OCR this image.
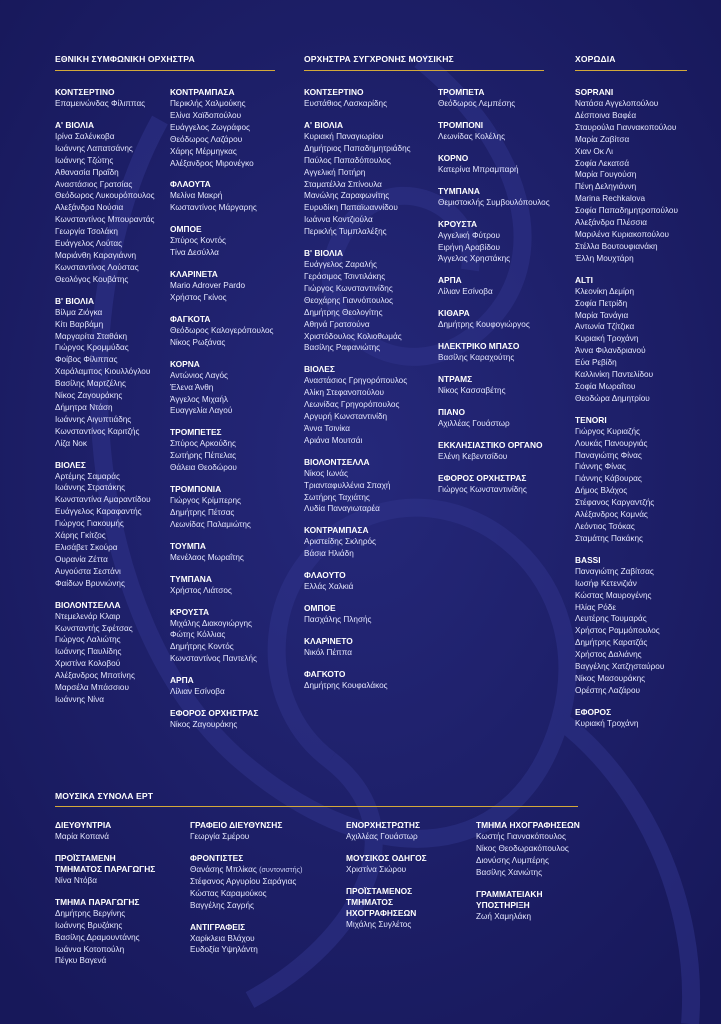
ΕΘΝΙΚΗ ΣΥΜΦΩΝΙΚΗ ΟΡΧΗΣΤΡΑ
ΚΟΝΤΣΕΡΤΙΝΟ
Επαμεινώνδας Φίλιππας
Α' ΒΙΟΛΙΑ
Ιρίνα Σαλένκοβα
Ιωάννης Λαπατσάνης
Ιωάννης Τζώτης
Αθανασία Πραΐδη
Αναστάσιος Γρατσίας
Θεόδωρος Λυκουρόπουλος
Αλεξάνδρα Νούσια
Κωνσταντίνος Μπουραντάς
Γεωργία Τσολάκη
Ευάγγελος Λούτας
Μαριάνθη Καραγιάννη
Κωνσταντίνος Λούστας
Θεολόγος Κουβάτης
Β' ΒΙΟΛΙΑ
Βίλμα Ζιόγκα
Κίτι Βαρβάμη
Μαργαρίτα Σταθάκη
Γιώργος Κρομμύδας
Φοίβος Φίλιππας
Χαράλαμπος Κιουλλόγλου
Βασίλης Μαρτζέλης
Νίκος Ζαγουράκης
Δήμητρα Ντάση
Ιωάννης Αιγυπτιάδης
Κωνσταντίνος Καριτζής
Λίζα Νοκ
ΒΙΟΛΕΣ
Αρτέμης Σαμαράς
Ιωάννης Στρατάκης
Κωνσταντίνα Αμαραντίδου
Ευάγγελος Καραφαντής
Γιώργος Γιακουμής
Χάρης Γκίτζος
Ελισάβετ Σκούρα
Ουρανία Ζέττα
Αυγούστα Σεστάνι
Φαίδων Βρυνιώνης
ΒΙΟΛΟΝΤΣΕΛΛΑ
Ντεμελενάρ Κλαιρ
Κωνσταντής Σφέτσας
Γιώργος Λαλιώτης
Ιωάννης Παυλίδης
Χριστίνα Κολοβού
Αλέξανδρος Μποτίνης
Μαρσέλα Μπάσσιου
Ιωάννης Νίνα
ΚΟΝΤΡΑΜΠΑΣΑ
Περικλής Χαλμούκης
Ελίνα Χαϊδοπούλου
Ευάγγελος Ζωγράφος
Θεόδωρος Λαζάρου
Χάρης Μέρμηγκας
Αλέξανδρος Μιρονέγκο
ΦΛΑΟΥΤΑ
Μελίνα Μακρή
Κωσταντίνος Μάργαρης
ΟΜΠΟΕ
Σπύρος Κοντός
Τίνα Δεσύλλα
ΚΛΑΡΙΝΕΤΑ
Mario Adrover Pardo
Χρήστος Γκίνος
ΦΑΓΚΟΤΑ
Θεόδωρος Καλογερόπουλος
Νίκος Ρωξάνας
ΚΟΡΝΑ
Αντώνιος Λαγός
Έλενα Άνθη
Άγγελος Μιχαήλ
Ευαγγελία Λαγού
ΤΡΟΜΠΕΤΕΣ
Σπύρος Αρκούδης
Σωτήρης Πέπελας
Θάλεια Θεοδώρου
ΤΡΟΜΠΟΝΙΑ
Γιώργος Κρίμπερης
Δημήτρης Πέτσας
Λεωνίδας Παλαμιώτης
ΤΟΥΜΠΑ
Μενέλαος Μωραΐτης
ΤΥΜΠΑΝΑ
Χρήστος Λιάτσος
ΚΡΟΥΣΤΑ
Μιχάλης Διακογιώργης
Φώτης Κόλλιας
Δημήτρης Κοντός
Κωνσταντίνος Παντελής
ΑΡΠΑ
Λίλιαν Εσίνοβα
ΕΦΟΡΟΣ ΟΡΧΗΣΤΡΑΣ
Νίκος Ζαγουράκης
ΟΡΧΗΣΤΡΑ ΣΥΓΧΡΟΝΗΣ ΜΟΥΣΙΚΗΣ
ΚΟΝΤΣΕΡΤΙΝΟ
Ευστάθιος Λασκαρίδης
Α' ΒΙΟΛΙΑ
Κυριακή Παναγιωρίου
Δημήτριος Παπαδημητριάδης
Παύλος Παπαδόπουλος
Αγγελική Ποτήρη
Σταματέλλα Σπίνουλα
Μανώλης Ζαραφωνίτης
Ευρυδίκη Παπαϊωαννίδου
Ιωάννα Κοντζιούλα
Περικλής Τυμπλαλέξης
Β' ΒΙΟΛΙΑ
Ευάγγελος Ζαραλής
Γεράσιμος Τσιντιλάκης
Γιώργος Κωνσταντινίδης
Θεοχάρης Γιαννόπουλος
Δημήτρης Θεολογίτης
Αθηνά Γρατσούνα
Χριστόδουλος Κολιοθωμάς
Βασίλης Ραφανιώτης
ΒΙΟΛΕΣ
Αναστάσιος Γρηγορόπουλος
Αλίκη Στεφανοπούλου
Λεωνίδας Γρηγορόπουλος
Αργυρή Κωνσταντινίδη
Άννα Τσινίκα
Αριάνα Μουτσάι
ΒΙΟΛΟΝΤΣΕΛΛΑ
Νίκος Ιωνάς
Τριανταφυλλένια Σπαχή
Σωτήρης Ταχιάτης
Λυδία Παναγιωταρέα
ΚΟΝΤΡΑΜΠΑΣΑ
Αριστείδης Σκληρός
Βάσια Ηλιάδη
ΦΛΑΟΥΤΟ
Ελλάς Χαλκιά
ΟΜΠΟΕ
Πασχάλης Πλησής
ΚΛΑΡΙΝΕΤΟ
Νικόλ Πέππα
ΦΑΓΚΟΤΟ
Δημήτρης Κουφαλάκος
ΤΡΟΜΠΕΤΑ
Θεόδωρος Λεμπέσης
ΤΡΟΜΠΟΝΙ
Λεωνίδας Κολέλης
ΚΟΡΝΟ
Κατερίνα Μπραμπαρή
ΤΥΜΠΑΝΑ
Θεμιστοκλής Συμβουλόπουλος
ΚΡΟΥΣΤΑ
Αγγελική Φύτρου
Ειρήνη Αραβίδου
Άγγελος Χρηστάκης
ΑΡΠΑ
Λίλιαν Εσίνοβα
ΚΙΘΑΡΑ
Δημήτρης Κουφογιώργος
ΗΛΕΚΤΡΙΚΟ ΜΠΑΣΟ
Βασίλης Καραχούτης
ΝΤΡΑΜΣ
Νίκος Κασσαβέτης
ΠΙΑΝΟ
Αχιλλέας Γουάστωρ
ΕΚΚΛΗΣΙΑΣΤΙΚΟ ΟΡΓΑΝΟ
Ελένη Κεβεντσίδου
ΕΦΟΡΟΣ ΟΡΧΗΣΤΡΑΣ
Γιώργος Κωνσταντινίδης
ΧΟΡΩΔΙΑ
SOPRANI
Νατάσα Αγγελοπούλου
Δέσποινα Βαφέα
Σταυρούλα Γιαννακοπούλου
Μαρία Ζαβίτσα
Χιαν Οκ Λι
Σοφία Λεκατσά
Μαρία Γουγούση
Πένη Δεληγιάννη
Marina Rechkalova
Σοφία Παπαδημητροπούλου
Αλεξάνδρα Πλέσσια
Μαριλένα Κυριακοπούλου
Στέλλα Βουτουφιανάκη
Έλλη Μουχτάρη
ALTI
Κλεονίκη Δεμίρη
Σοφία Πετρίδη
Μαρία Τανάγια
Αντωνία Τζίτζικα
Κυριακή Τροχάνη
Άννα Φιλανδριανού
Εύα Ρεβίδη
Καλλινίκη Παντελίδου
Σοφία Μωραΐτου
Θεοδώρα Δημητρίου
TENORI
Γιώργος Κυριαζής
Λουκάς Πανουργιάς
Παναγιώτης Φίνας
Γιάννης Φίνας
Γιάννης Κάβουρας
Δήμος Βλάχος
Στέφανος Καργαντζής
Αλέξανδρος Κομνάς
Λεόντιος Τσόκας
Σταμάτης Πακάκης
BASSI
Παναγιώτης Ζαβίτσας
Ιωσήφ Κετενιζιάν
Κώστας Μαυρογένης
Ηλίας Ρόδε
Λευτέρης Τουμαράς
Χρήστος Ραμμόπουλος
Δημήτρης Καρατζάς
Χρήστος Δαλιάνης
Βαγγέλης Χατζησταύρου
Νίκος Μασουράκης
Ορέστης Λαζάρου
ΕΦΟΡΟΣ
Κυριακή Τροχάνη
ΜΟΥΣΙΚΑ ΣΥΝΟΛΑ ΕΡΤ
ΔΙΕΥΘΥΝΤΡΙΑ
Μαρία Κοπανά
ΠΡΟΪΣΤΑΜΕΝΗ
ΤΜΗΜΑΤΟΣ ΠΑΡΑΓΩΓΗΣ
Νίνα Ντόβα
ΤΜΗΜΑ ΠΑΡΑΓΩΓΗΣ
Δημήτρης Βεργίνης
Ιωάννης Βρυζάκης
Βασίλης Δραμουντάνης
Ιωάννα Κοτοπούλη
Πέγκυ Βαγενά
ΓΡΑΦΕΙΟ ΔΙΕΥΘΥΝΣΗΣ
Γεωργία Σμέρου
ΦΡΟΝΤΙΣΤΕΣ
Θανάσης Μπλίκας (συντονιστής)
Στέφανος Αργυρίου Σαράγιας
Κώστας Καραμούκος
Βαγγέλης Σαγρής
ΑΝΤΙΓΡΑΦΕΙΣ
Χαρίκλεια Βλάχου
Ευδοξία Υψηλάντη
ΕΝΟΡΧΗΣΤΡΩΤΗΣ
Αχιλλέας Γουάστωρ
ΜΟΥΣΙΚΟΣ ΟΔΗΓΟΣ
Χριστίνα Σιώρου
ΠΡΟΪΣΤΑΜΕΝΟΣ
ΤΜΗΜΑΤΟΣ
ΗΧΟΓΡΑΦΗΣΕΩΝ
Μιχάλης Συγλέτος
ΤΜΗΜΑ ΗΧΟΓΡΑΦΗΣΕΩΝ
Κωστής Γιαννακόπουλος
Νίκος Θεοδωρακόπουλος
Διονύσης Λυμπέρης
Βασίλης Χανιώτης
ΓΡΑΜΜΑΤΕΙΑΚΗ
ΥΠΟΣΤΗΡΙΞΗ
Ζωή Χαμηλάκη
